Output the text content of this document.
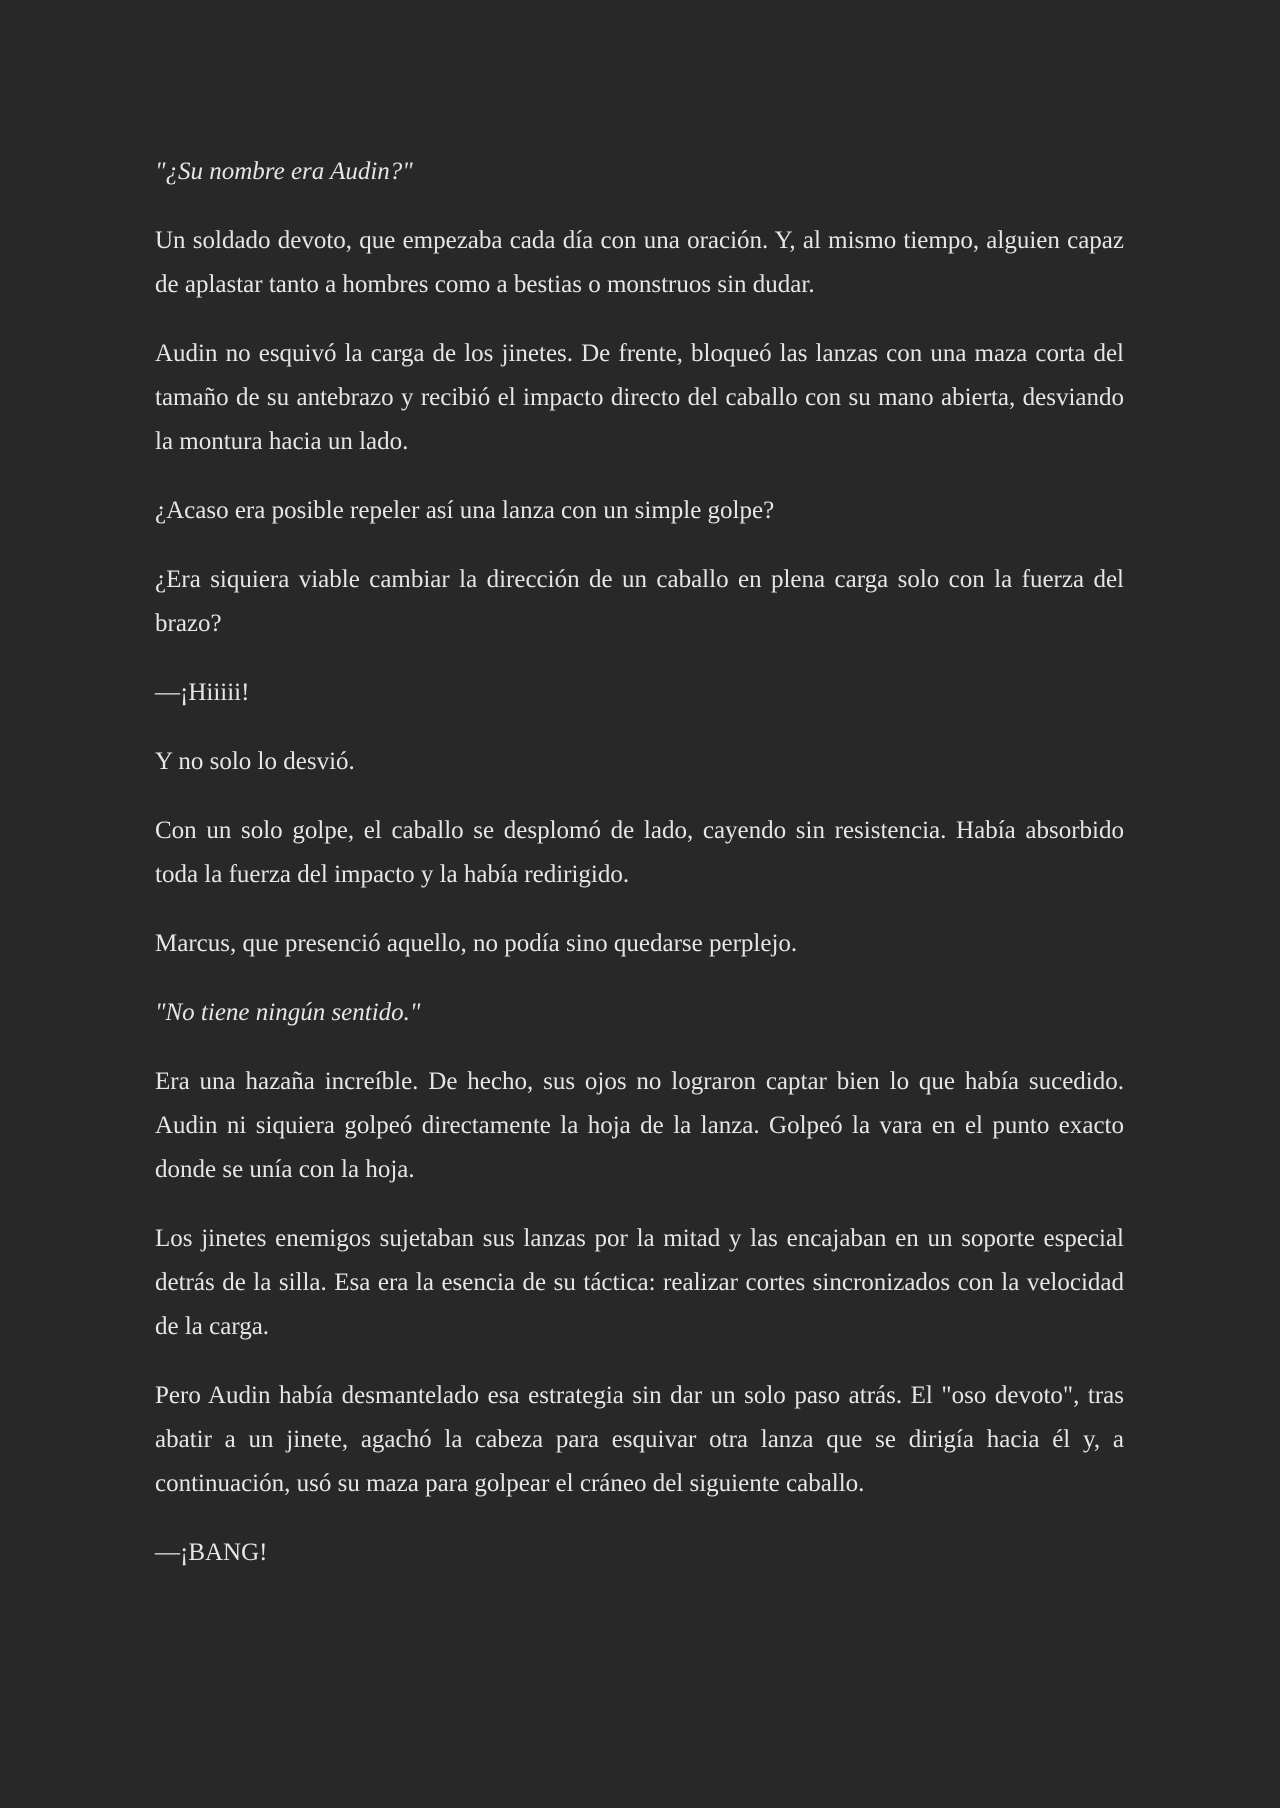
"¿Su nombre era Audin?"

Un soldado devoto, que empezaba cada día con una oración. Y, al mismo tiempo, alguien capaz de aplastar tanto a hombres como a bestias o monstruos sin dudar.

Audin no esquivó la carga de los jinetes. De frente, bloqueó las lanzas con una maza corta del tamaño de su antebrazo y recibió el impacto directo del caballo con su mano abierta, desviando la montura hacia un lado.

¿Acaso era posible repeler así una lanza con un simple golpe?

¿Era siquiera viable cambiar la dirección de un caballo en plena carga solo con la fuerza del brazo?

—¡Hiiiii!

Y no solo lo desvió.

Con un solo golpe, el caballo se desplomó de lado, cayendo sin resistencia. Había absorbido toda la fuerza del impacto y la había redirigido.

Marcus, que presenció aquello, no podía sino quedarse perplejo.

"No tiene ningún sentido."

Era una hazaña increíble. De hecho, sus ojos no lograron captar bien lo que había sucedido. Audin ni siquiera golpeó directamente la hoja de la lanza. Golpeó la vara en el punto exacto donde se unía con la hoja.

Los jinetes enemigos sujetaban sus lanzas por la mitad y las encajaban en un soporte especial detrás de la silla. Esa era la esencia de su táctica: realizar cortes sincronizados con la velocidad de la carga.

Pero Audin había desmantelado esa estrategia sin dar un solo paso atrás. El "oso devoto", tras abatir a un jinete, agachó la cabeza para esquivar otra lanza que se dirigía hacia él y, a continuación, usó su maza para golpear el cráneo del siguiente caballo.

—¡BANG!
